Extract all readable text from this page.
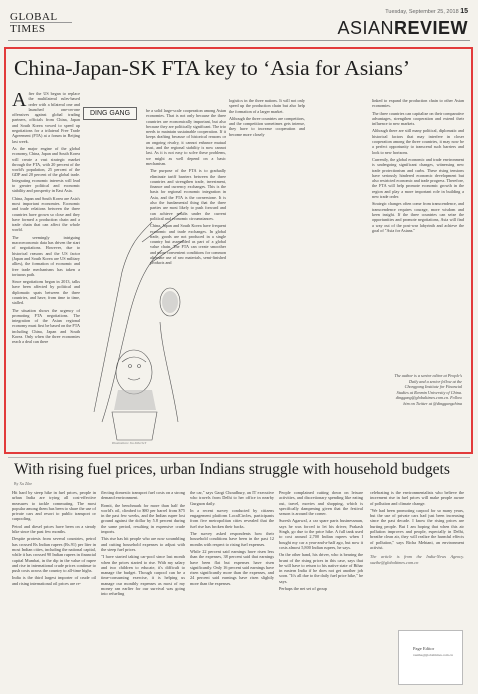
GLOBAL
TIMES
Tuesday, September 25, 2018 15
ASIANREVIEW
China-Japan-SK FTA key to ‘Asia for Asians’
A fter the US began to replace the multilateral rules-based order with a bilateral one and launched one-on-one offensives against global trading partners, officials from China, Japan and South Korea vowed to speed up negotiations for a trilateral Free Trade Agreement (FTA) at a forum in Beijing last week.
As the major engine of the global economy, China, Japan and South Korea will create a vast strategic market through the FTA, with 20 percent of the world's population, 25 percent of the GDP and 20 percent of the global trade. Integrating economic interests will lead to greater political and economic stability and prosperity in East Asia.
China, Japan and South Korea are Asia's most important economies. Economic and trade relations between the three countries have grown so close and they have formed a production chain and a trade chain that can affect the whole world.
The seemingly intriguing macroeconomic data has driven the start of negotiations. However, due to historical reasons and the US factor (Japan and South Korea are US military allies), the formation of economic and free trade mechanisms has taken a tortuous path.
Since negotiations began in 2013, talks have been affected by political and diplomatic spats between the three countries, and have, from time to time, stalled.
The situation shows the urgency of promoting FTA negotiations. The integration of the Asian regional economy must first be based on the FTA including China, Japan and South Korea. Only when the three economies reach a deal can there
DING GANG
Illustration: Xu Zihe/GT
be a solid large-scale cooperation among Asian economies. That is not only because the three countries are economically important, but also because they are politically significant. The trio needs to maintain sustainable cooperation. If it keeps drafting because of historical reasons or an ongoing rivalry, it cannot enhance mutual trust, and the regional stability is now cannot last. As it is not easy to solve these problems, we might as well depend on a basic mechanism.
The purpose of the FTA is to gradually eliminate tariff barriers between the three countries and strengthen trade, investment, finance and currency exchanges. This is the basis for regional economic integration in Asia, and the FTA is the cornerstone. It is also the fundamental thing that the three parties are most likely to push forward and can achieve results under the current political and economic circumstances.
China, Japan and South Korea have frequent economic and trade exchanges. In global trade, goods are not produced in a single country but assembled as part of a global value chain. The FTA can create smoother and more convenient conditions for common alternate use of raw materials, semi-finished products and
logistics in the three nations. It will not only speed up the production chain but also help the formation of a larger market.
Although the three countries are competitors, and the competition sometimes gets intense, they have to increase cooperation and become more closely
linked to expand the production chain to other Asian economies.
The three countries can capitalize on their comparative advantages, strengthen cooperation and extend their influence to new markets.
Although there are still many political, diplomatic and historical factors that may interfere in closer cooperation among the three countries, it may now be a perfect opportunity to transcend such barriers and look to new horizons.
Currently, the global economic and trade environment is undergoing significant changes, witnessing new trade protectionism and curbs. These rising tensions have seriously hindered economic development but also restricted economic and trade progress. Therefore, the FTA will help promote economic growth in the region and play a more important role in building a new trade order.
Strategic changes often come from transcendence, and transcendence requires courage, more wisdom and keen insight. If the three countries can seize the opportunities and promote negotiations, Asia will find a way out of the post-war labyrinth and achieve the goal of "Asia for Asians."
The author is a senior editor at People's Daily and a senior fellow at the Chongyang Institute for Financial Studies at Renmin University of China. dinggang@globaltimes.com.cn. Follow him on Twitter at @dinggangchina
With rising fuel prices, urban Indians struggle with household budgets
By Xu Zihe
Hit hard by steep hike in fuel prices, people in urban India are trying all cost-effective measures to tackle commuting. The most popular among them has been to share the use of private cars and resort to public transport or carpooling.
Petrol and diesel prices have been on a steady hike since the past few months.
Despite protests from several countries, petrol has crossed Rs Indian rupees (Rs.91) per liter in most Indian cities, including the national capital, while it has crossed 90 Indian rupees in financial capital Mumbai, in the dip in the value of rupee and rise in international crude prices continue to push costs across the country to all-time highs.
India is the third largest importer of crude oil and rising international oil prices are re-
flecting domestic transport fuel costs on a strong demand environment.
Romit, the benchmark for more than half the world's oil, climbed to $80 per barrel from $75 in the past few weeks, and the Indian rupee lost ground against the dollar by 5.8 percent during the same period, resulting in expensive crude imports.
This rise has hit people who are now scrambling and cutting household expenses to adjust with the steep fuel prices.
"I have started taking car-pool since last month when the prices started to rise. With my salary and two children to educate, it's difficult to manage the budget. Though carpool can be a time-consuming exercise, it is helping us manage our monthly expenses as most of my money ran earlier for our survival was going into refueling
the car," says Gargi Choudhury, an IT executive who travels from Delhi to her office in nearby Gurgaon daily.
In a recent survey conducted by citizens engagement platform LocalCircles, participants from five metropolitan cities revealed that the fuel rise has broken their backs.
The survey asked respondents how their household conditions have been in the past 12 months with respect to rising fuel expenses.
While 22 percent said earnings have risen less than the expenses, 38 percent said that earnings have been flat but expenses have risen significantly. Only 16 percent said earnings have risen significantly more than the expenses, and 24 percent said earnings have risen slightly more than the expenses.
People complained cutting down on leisure activities, and discretionary spending like eating out, travel, movies and shopping, which is specifically dampening given that the festival season is around the corner.
Suresh Agarwal, a car spare parts businessman, says he was forced to let his driver, Prakash Singh, go due to the price hike. A full tank used to cost around 2,700 Indian rupees when I bought my car a year-and-a-half ago, but now it costs almost 5,800 Indian rupees, he says.
On the other hand, his driver, who is bearing the brunt of the rising prices in this case, says that he will have to return to his native state of Bihar in eastern India if he does not get another job soon. "It's all due to the daily fuel price hike," he says.
Perhaps the net set of group
celebrating is the environmentalists who believe the increment rise in fuel prices will make people aware of pollution and climate change.
"We had been promoting carpool for so many years, but the use of private cars had just been increasing since the past decade. I know the rising prices are hurting people. But I am hoping that when this air pollution improves and people, especially in Delhi, breathe clean air, they will realize the harmful effects of pollution," says Richa Mehtani, an environment activist.
The article is from the India-News Agency. xuzihe@globaltimes.com.cn
Page Editor
xuzihe@globaltimes.com.cn
